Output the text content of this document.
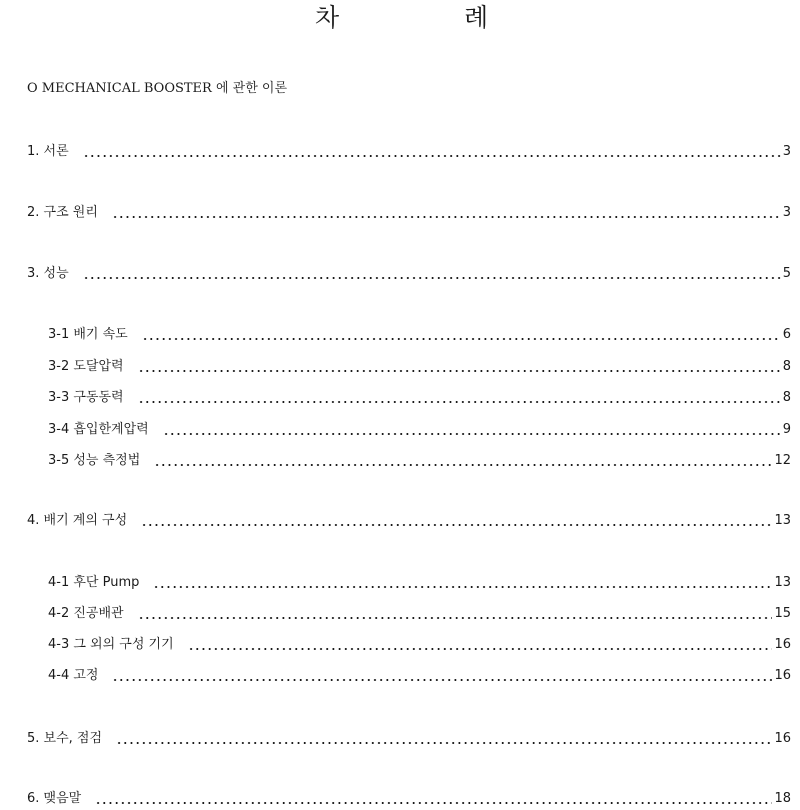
차	례
O MECHANICAL BOOSTER 에 관한 이론
1. 서론	3
2. 구조 원리	3
3. 성능	5
3-1 배기 속도	6
3-2 도달압력	8
3-3 구동동력	8
3-4 흡입한계압력	9
3-5 성능 측정법	12
4. 배기 계의 구성	13
4-1 후단 Pump	13
4-2 진공배관	15
4-3 그 외의 구성 기기	16
4-4 고정	16
5. 보수, 점검	16
6. 맺음말	18
